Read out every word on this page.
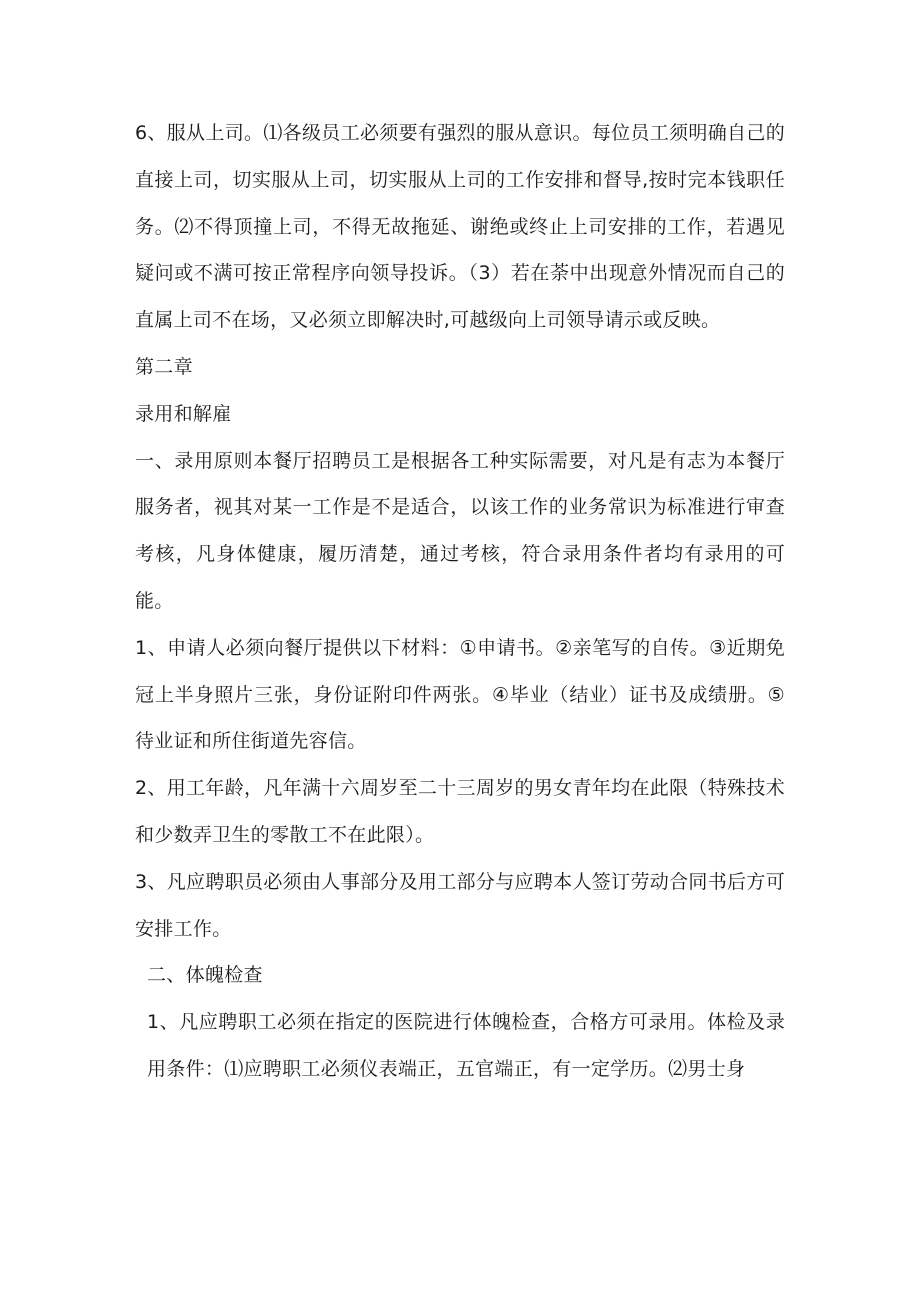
6、服从上司。⑴各级员工必须要有强烈的服从意识。每位员工须明确自己的直接上司，切实服从上司，切实服从上司的工作安排和督导,按时完本钱职任务。⑵不得顶撞上司，不得无故拖延、谢绝或终止上司安排的工作，若遇见疑问或不满可按正常程序向领导投诉。（3）若在荼中出现意外情况而自己的直属上司不在场，又必须立即解决时,可越级向上司领导请示或反映。

第二章

录用和解雇

一、录用原则本餐厅招聘员工是根据各工种实际需要，对凡是有志为本餐厅服务者，视其对某一工作是不是适合，以该工作的业务常识为标准进行审查考核，凡身体健康，履历清楚，通过考核，符合录用条件者均有录用的可能。

1、申请人必须向餐厅提供以下材料：①申请书。②亲笔写的自传。③近期免冠上半身照片三张，身份证附印件两张。④毕业（结业）证书及成绩册。⑤待业证和所住街道先容信。

2、用工年龄，凡年满十六周岁至二十三周岁的男女青年均在此限（特殊技术和少数弄卫生的零散工不在此限）。

3、凡应聘职员必须由人事部分及用工部分与应聘本人签订劳动合同书后方可安排工作。

二、体魄检查

1、凡应聘职工必须在指定的医院进行体魄检查，合格方可录用。体检及录用条件：⑴应聘职工必须仪表端正，五官端正，有一定学历。⑵男士身
